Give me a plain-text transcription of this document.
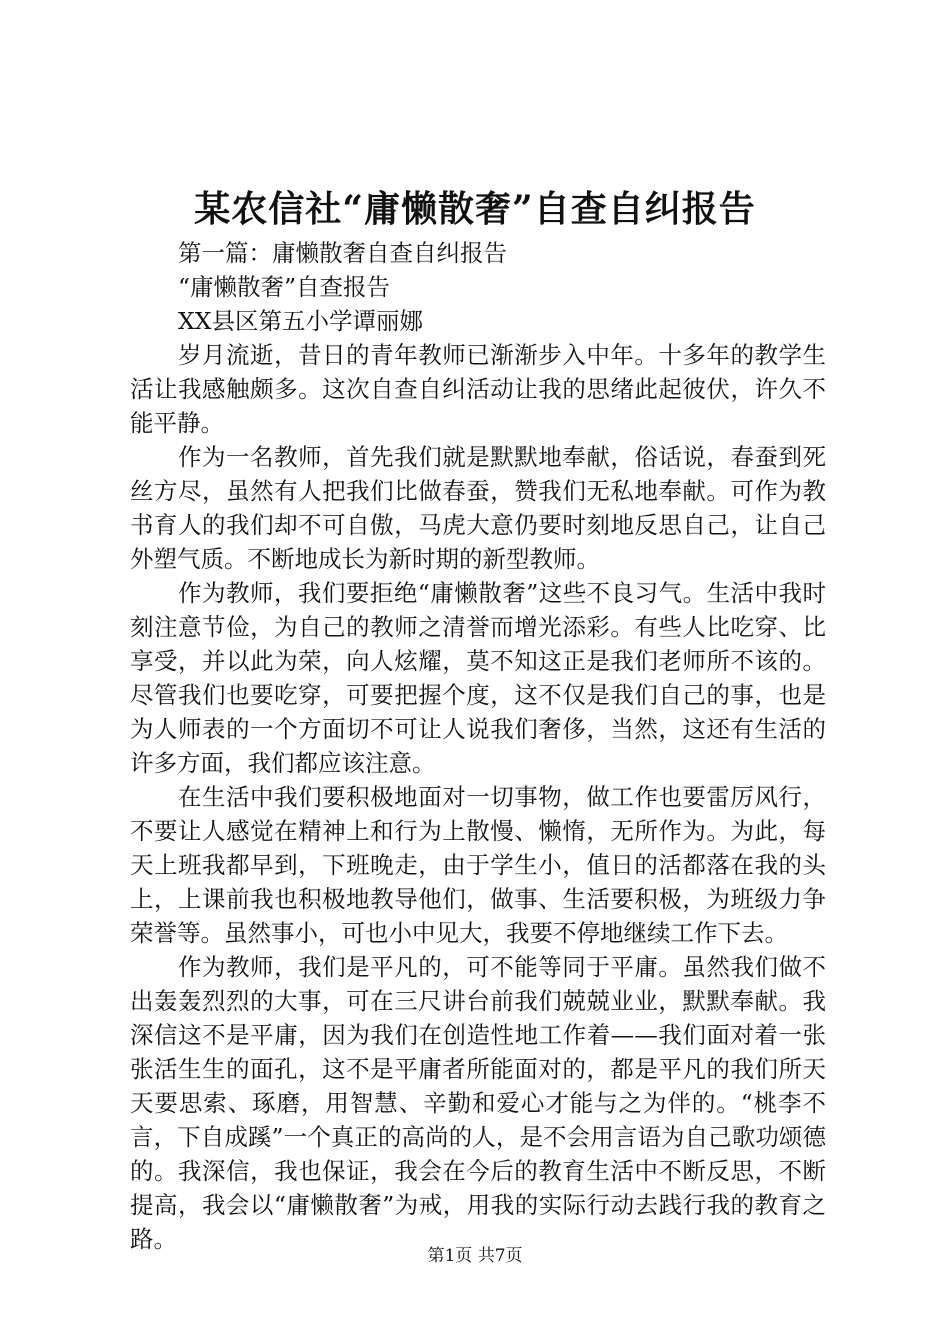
某农信社“庸懒散奢”自查自纠报告
第一篇：庸懒散奢自查自纠报告
“庸懒散奢”自查报告
XX县区第五小学谭丽娜

岁月流逝，昔日的青年教师已渐渐步入中年。十多年的教学生活让我感触颇多。这次自查自纠活动让我的思绪此起彼伏，许久不能平静。

作为一名教师，首先我们就是默默地奉献，俗话说，春蚕到死丝方尽，虽然有人把我们比做春蚕，赞我们无私地奉献。可作为教书育人的我们却不可自傲，马虎大意仍要时刻地反思自己，让自己外塑气质。不断地成长为新时期的新型教师。

作为教师，我们要拒绝“庸懒散奢”这些不良习气。生活中我时刻注意节俭，为自己的教师之清誉而增光添彩。有些人比吃穿、比享受，并以此为荣，向人炫耀，莫不知这正是我们老师所不该的。尽管我们也要吃穿，可要把握个度，这不仅是我们自己的事，也是为人师表的一个方面切不可让人说我们奢侈，当然，这还有生活的许多方面，我们都应该注意。

在生活中我们要积极地面对一切事物，做工作也要雷厉风行，不要让人感觉在精神上和行为上散慢、懒惰，无所作为。为此，每天上班我都早到，下班晚走，由于学生小，值日的活都落在我的头上，上课前我也积极地教导他们，做事、生活要积极，为班级力争荣誉等。虽然事小，可也小中见大，我要不停地继续工作下去。

作为教师，我们是平凡的，可不能等同于平庸。虽然我们做不出轰轰烈烈的大事，可在三尺讲台前我们兢兢业业，默默奉献。我深信这不是平庸，因为我们在创造性地工作着——我们面对着一张张活生生的面孔，这不是平庸者所能面对的，都是平凡的我们所天天要思索、琢磨，用智慧、辛勤和爱心才能与之为伴的。“桃李不言，下自成蹊”一个真正的高尚的人，是不会用言语为自己歌功颂德的。我深信，我也保证，我会在今后的教育生活中不断反思，不断提高，我会以“庸懒散奢”为戒，用我的实际行动去践行我的教育之路。

第1页 共7页
